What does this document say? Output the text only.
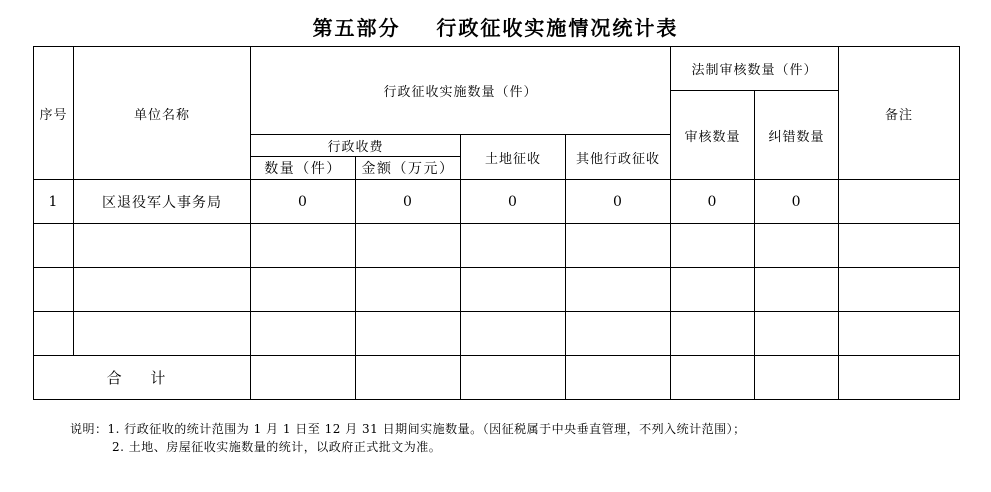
第五部分    行政征收实施情况统计表
序号	单位名称	行政征收实施数量（件）				法制审核数量（件）		备注
						审核数量	纠错数量	
		行政收费		土地征收	其他行政征收			
		数量（件）	金额（万元）					
1	区退役军人事务局	0	0	0	0	0	0	

合 计								
说明：1. 行政征收的统计范围为 1 月 1 日至 12 月 31 日期间实施数量。（因征税属于中央垂直管理，不列入统计范围）；
2. 土地、房屋征收实施数量的统计，以政府正式批文为准。
